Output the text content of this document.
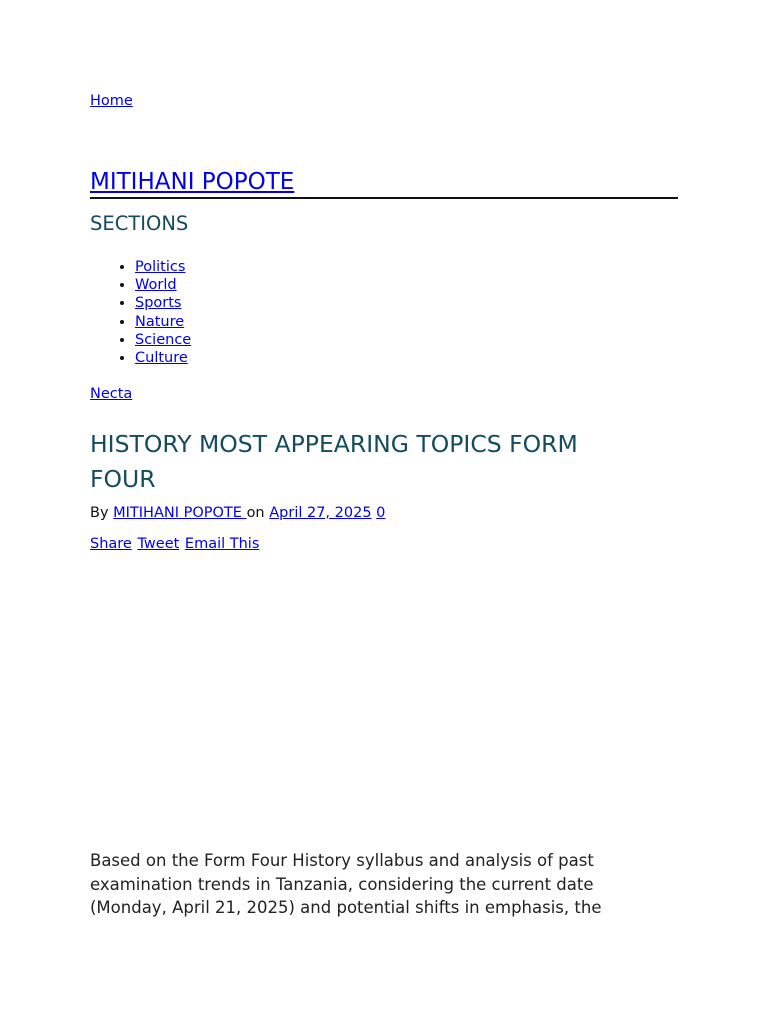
Home
MITIHANI POPOTE
SECTIONS
• Politics
• World
• Sports
• Nature
• Science
• Culture
Necta
HISTORY MOST APPEARING TOPICS FORM FOUR
By MITIHANI POPOTE on April 27, 2025 0
Share Tweet Email This

Based on the Form Four History syllabus and analysis of past examination trends in Tanzania, considering the current date (Monday, April 21, 2025) and potential shifts in emphasis, the
